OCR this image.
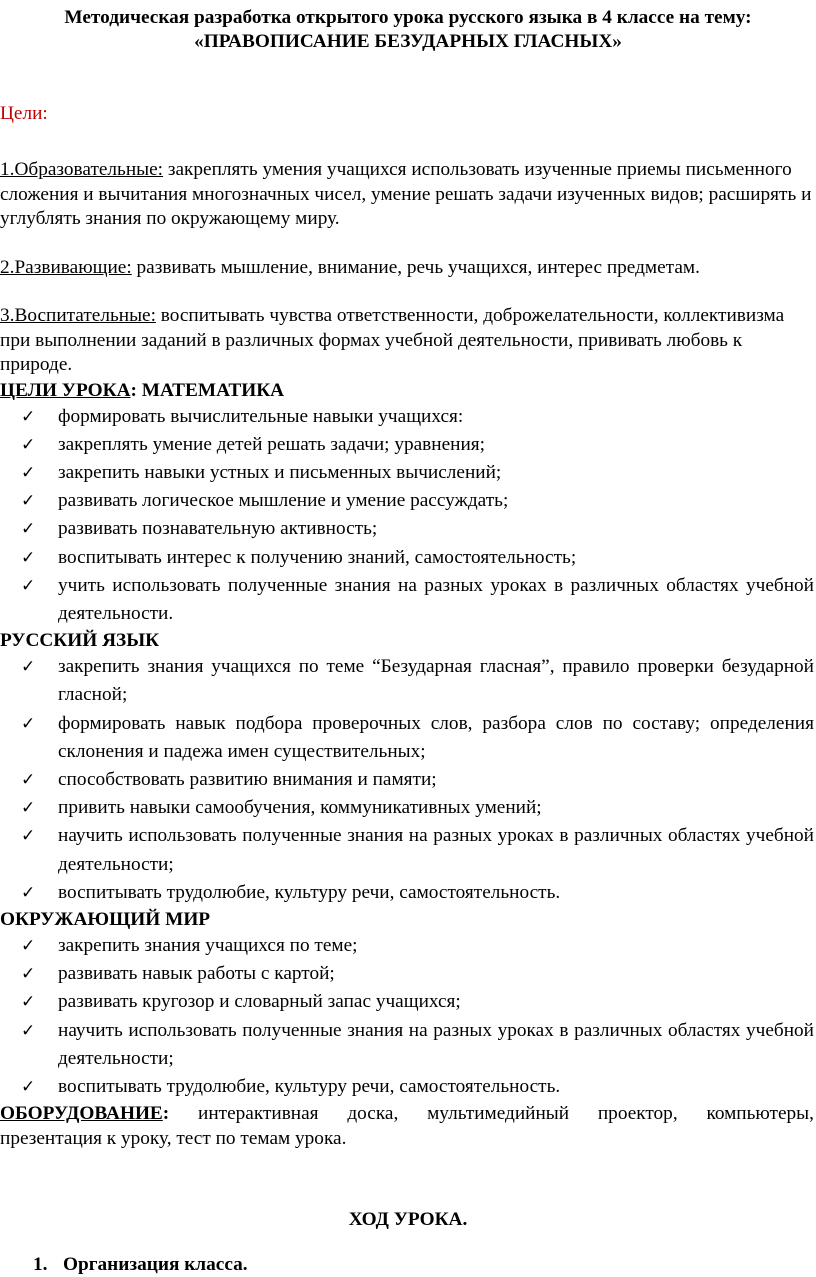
Методическая разработка открытого урока русского языка в 4 классе на тему:

«ПРАВОПИСАНИЕ БЕЗУДАРНЫХ ГЛАСНЫХ»

Цели:

1.Образовательные: закреплять умения учащихся использовать изученные приемы письменного сложения и вычитания многозначных чисел, умение решать задачи изученных видов; расширять и углублять знания по окружающему миру.

2.Развивающие: развивать мышление, внимание, речь учащихся, интерес предметам.

3.Воспитательные: воспитывать чувства ответственности, доброжелательности, коллективизма при выполнении заданий в различных формах учебной деятельности, прививать любовь к природе.

ЦЕЛИ УРОКА: МАТЕМАТИКА

✓ формировать вычислительные навыки учащихся:
✓ закреплять умение детей решать задачи; уравнения;
✓ закрепить навыки устных и письменных вычислений;
✓ развивать логическое мышление и умение рассуждать;
✓ развивать познавательную активность;
✓ воспитывать интерес к получению знаний, самостоятельность;
✓ учить использовать полученные знания на разных уроках в различных областях учебной деятельности.

РУССКИЙ ЯЗЫК

✓ закрепить знания учащихся по теме “Безударная гласная”, правило проверки безударной гласной;
✓ формировать навык подбора проверочных слов, разбора слов по составу; определения склонения и падежа имен существительных;
✓ способствовать развитию внимания и памяти;
✓ привить навыки самообучения, коммуникативных умений;
✓ научить использовать полученные знания на разных уроках в различных областях учебной деятельности;
✓ воспитывать трудолюбие, культуру речи, самостоятельность.

ОКРУЖАЮЩИЙ МИР

✓ закрепить знания учащихся по теме;
✓ развивать навык работы с картой;
✓ развивать кругозор и словарный запас учащихся;
✓ научить использовать полученные знания на разных уроках в различных областях учебной деятельности;
✓ воспитывать трудолюбие, культуру речи, самостоятельность.
ОБОРУДОВАНИЕ: интерактивная доска, мультимедийный проектор, компьютеры,
презентация к уроку, тест по темам урока.

ХОД УРОКА.

1. Организация класса.
